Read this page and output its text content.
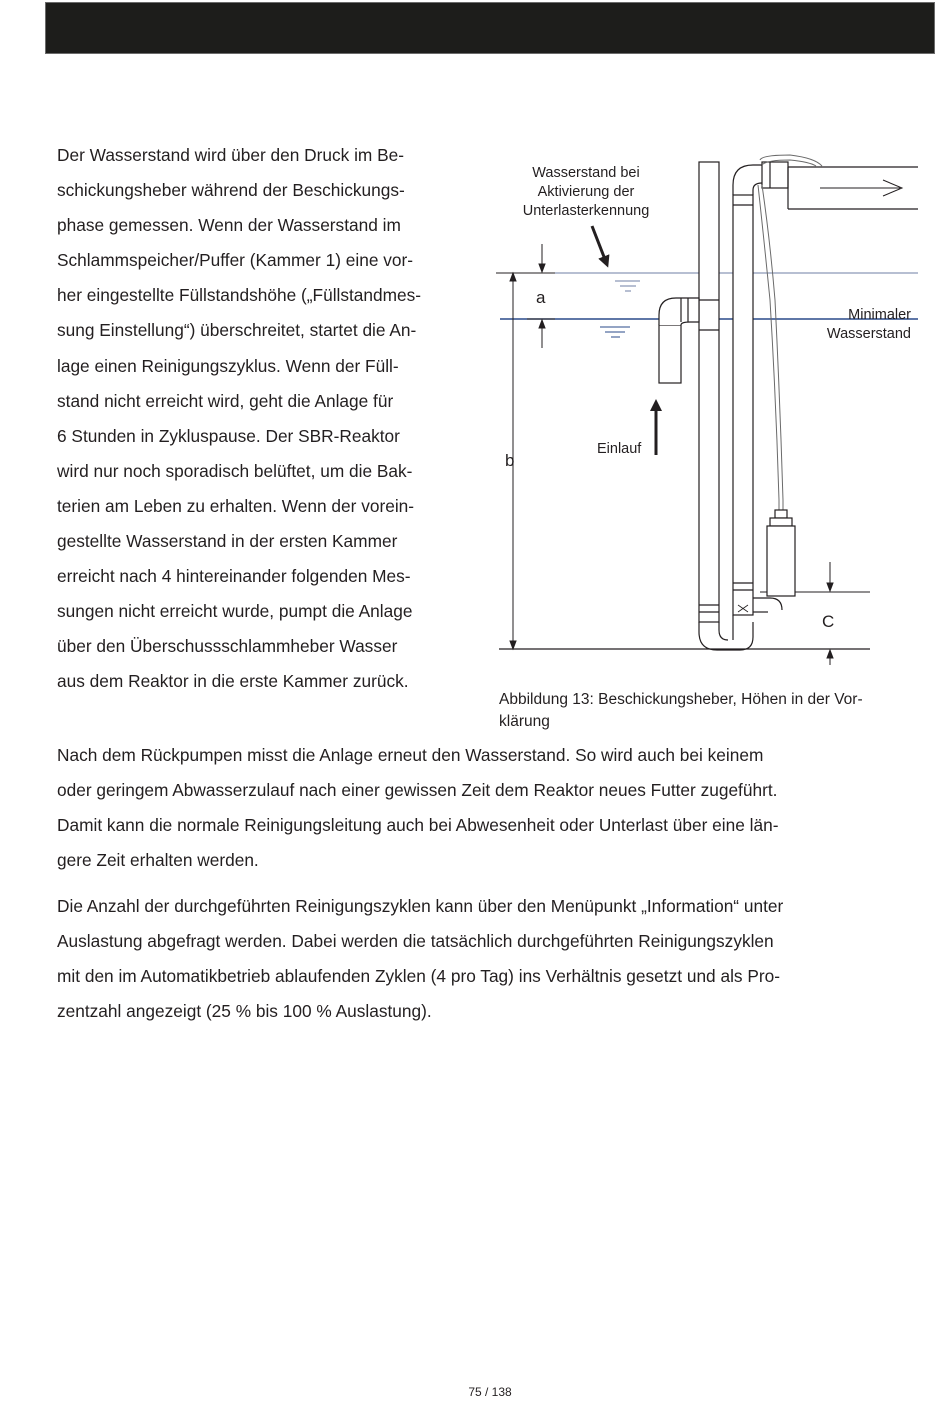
Der Wasserstand wird über den Druck im Be-
schickungsheber während der Beschickungs-
phase gemessen. Wenn der Wasserstand im
Schlammspeicher/Puffer (Kammer 1) eine vor-
her eingestellte Füllstandshöhe („Füllstandmes-
sung Einstellung“) überschreitet, startet die An-
lage einen Reinigungszyklus. Wenn der Füll-
stand nicht erreicht wird, geht die Anlage für
6 Stunden in Zykluspause. Der SBR-Reaktor
wird nur noch sporadisch belüftet, um die Bak-
terien am Leben zu erhalten. Wenn der vorein-
gestellte Wasserstand in der ersten Kammer
erreicht nach 4 hintereinander folgenden Mes-
sungen nicht erreicht wurde, pumpt die Anlage
über den Überschussschlammheber Wasser
aus dem Reaktor in die erste Kammer zurück.

Wasserstand bei
Aktivierung der
Unterlasterkennung
Minimaler
Wasserstand
Einlauf
a
b
C

Abbildung 13: Beschickungsheber, Höhen in der Vor-
klärung

Nach dem Rückpumpen misst die Anlage erneut den Wasserstand. So wird auch bei keinem
oder geringem Abwasserzulauf nach einer gewissen Zeit dem Reaktor neues Futter zugeführt.
Damit kann die normale Reinigungsleitung auch bei Abwesenheit oder Unterlast über eine län-
gere Zeit erhalten werden.

Die Anzahl der durchgeführten Reinigungszyklen kann über den Menüpunkt „Information“ unter
Auslastung abgefragt werden. Dabei werden die tatsächlich durchgeführten Reinigungszyklen
mit den im Automatikbetrieb ablaufenden Zyklen (4 pro Tag) ins Verhältnis gesetzt und als Pro-
zentzahl angezeigt (25 % bis 100 % Auslastung).

75 / 138
